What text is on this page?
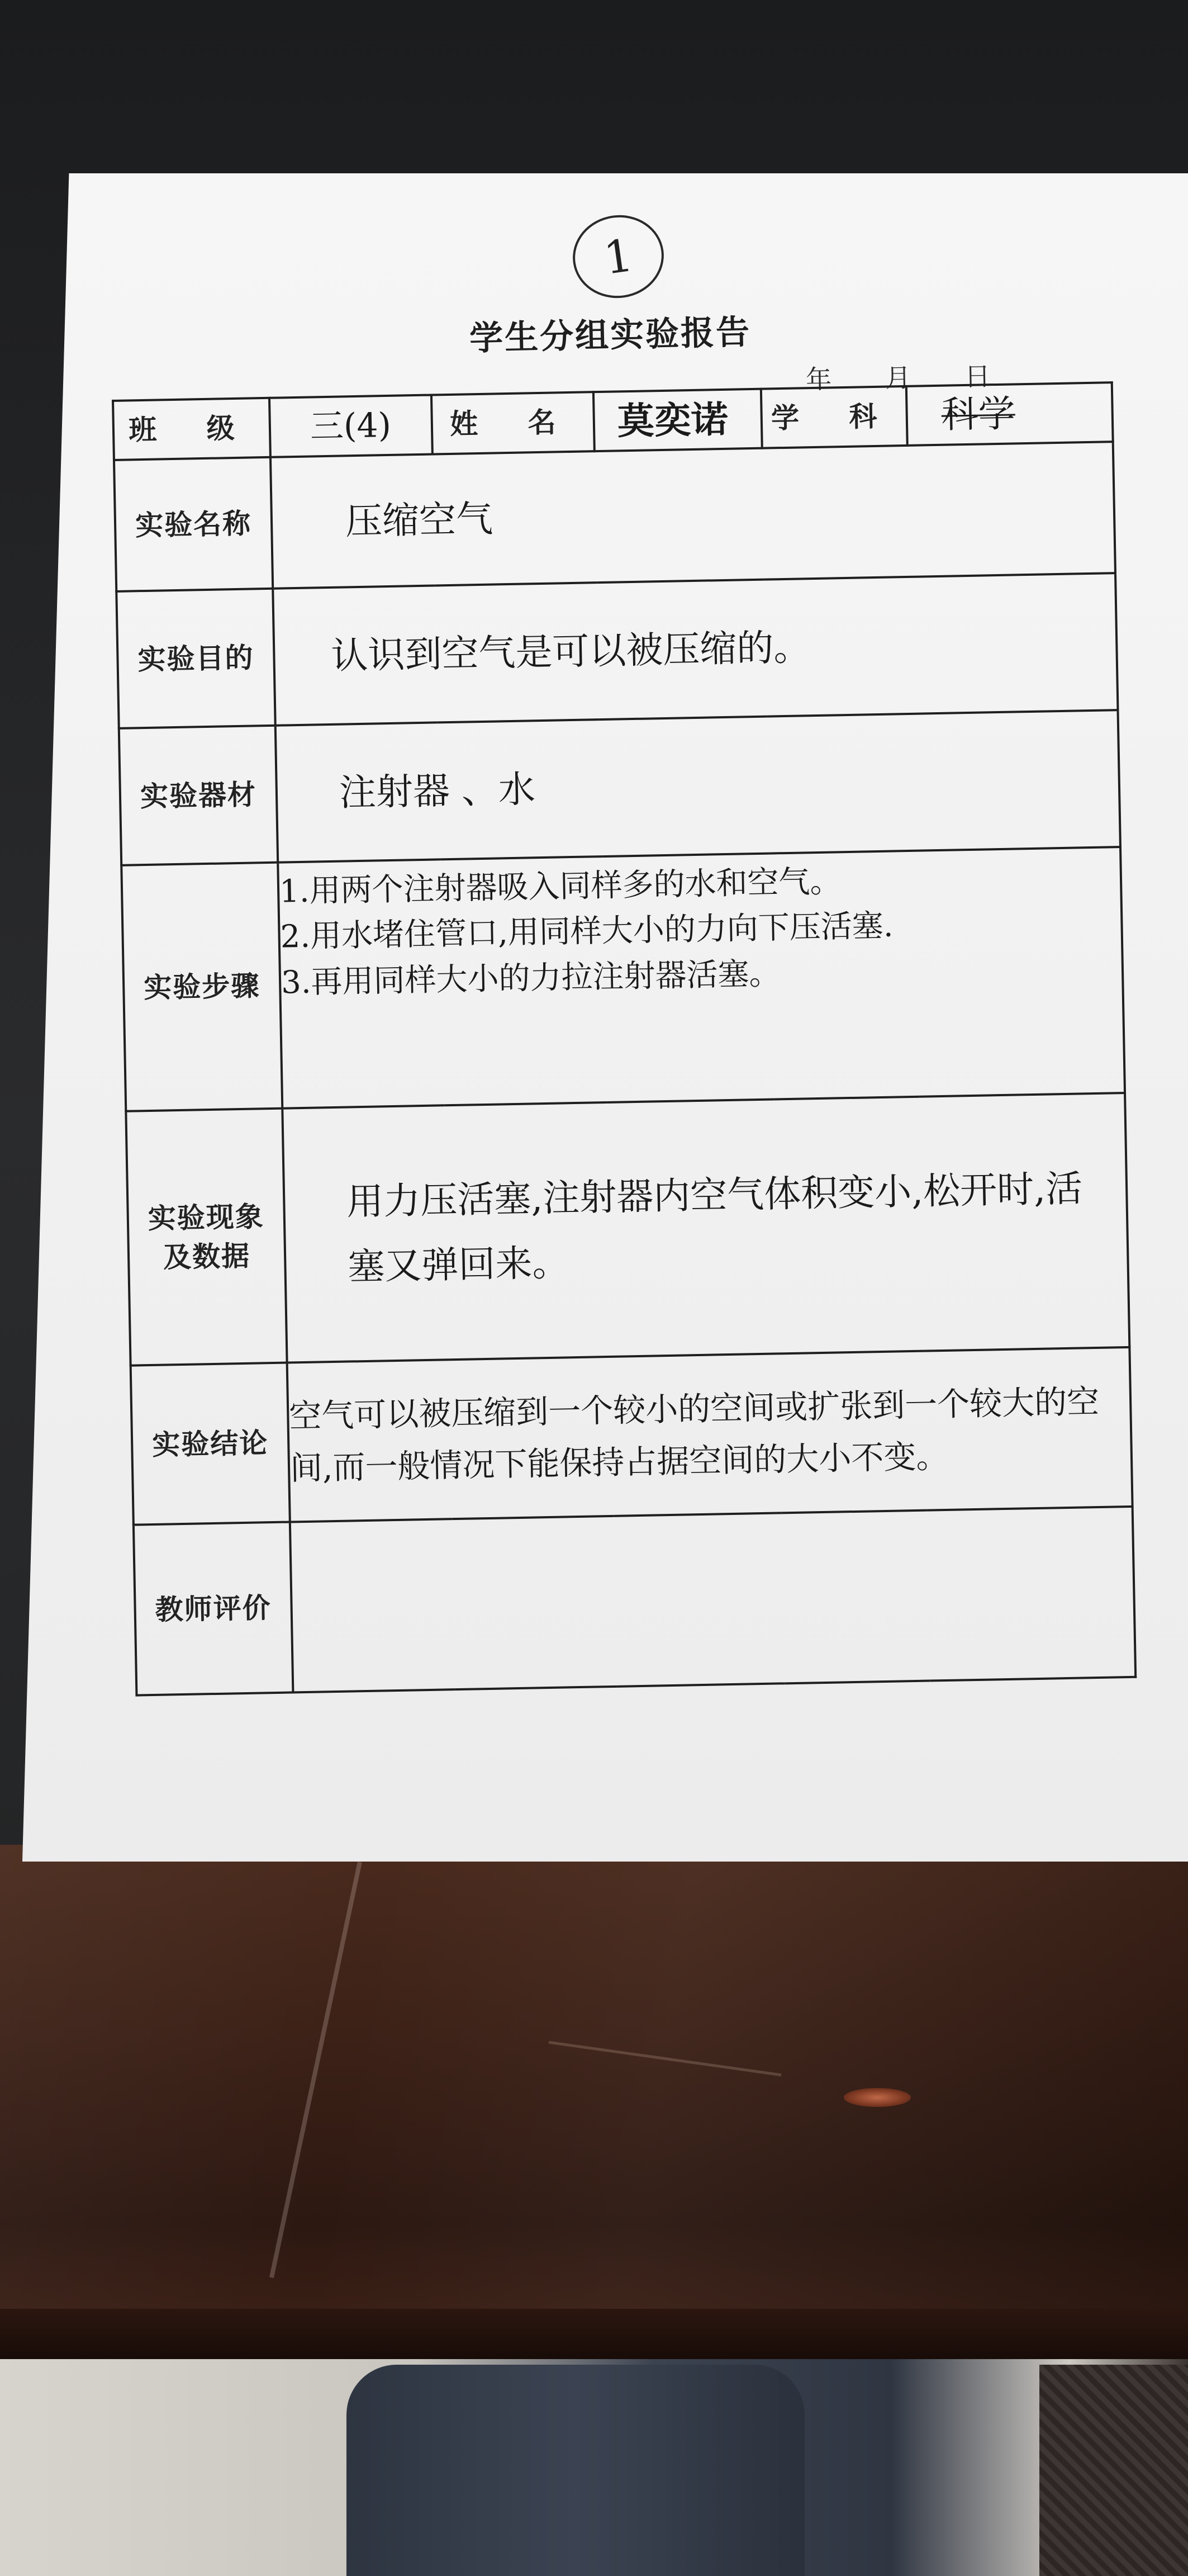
1
学生分组实验报告
年 月 日
班 级	三(4)	姓 名	莫奕诺	学 科	科学
实验名称	压缩空气				
实验目的	认识到空气是可以被压缩的。				
实验器材	注射器 、水				
实验步骤	1.用两个注射器吸入同样多的水和空气。
2.用水堵住管口,用同样大小的力向下压活塞.
3.再用同样大小的力拉注射器活塞。				

实验现象
及数据	用力压活塞,注射器内空气体积变小,松开时,活塞又弹回来。				
实验结论	空气可以被压缩到一个较小的空间或扩张到一个较大的空间,而一般情况下能保持占据空间的大小不变。				
教师评价					
